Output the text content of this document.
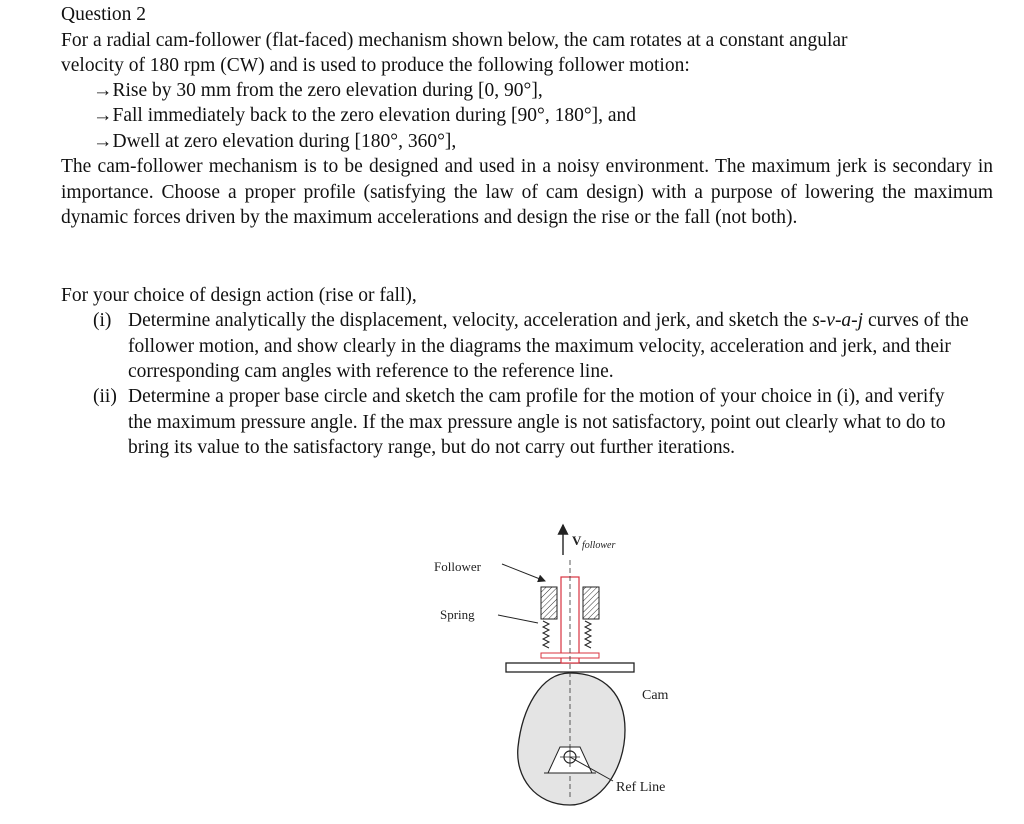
Question 2
For a radial cam-follower (flat-faced) mechanism shown below, the cam rotates at a constant angular
velocity of 180 rpm (CW) and is used to produce the following follower motion:
→Rise by 30 mm from the zero elevation during [0, 90°],
→Fall immediately back to the zero elevation during [90°, 180°], and
→Dwell at zero elevation during [180°, 360°],
The cam-follower mechanism is to be designed and used in a noisy environment. The maximum jerk is secondary in importance. Choose a proper profile (satisfying the law of cam design) with a purpose of lowering the maximum dynamic forces driven by the maximum accelerations and design the rise or the fall (not both).
For your choice of design action (rise or fall),
(i) Determine analytically the displacement, velocity, acceleration and jerk, and sketch the s-v-a-j curves of the follower motion, and show clearly in the diagrams the maximum velocity, acceleration and jerk, and their corresponding cam angles with reference to the reference line.
(ii) Determine a proper base circle and sketch the cam profile for the motion of your choice in (i), and verify the maximum pressure angle. If the max pressure angle is not satisfactory, point out clearly what to do to bring its value to the satisfactory range, but do not carry out further iterations.
V follower
Follower
Spring
Cam
Ref Line
